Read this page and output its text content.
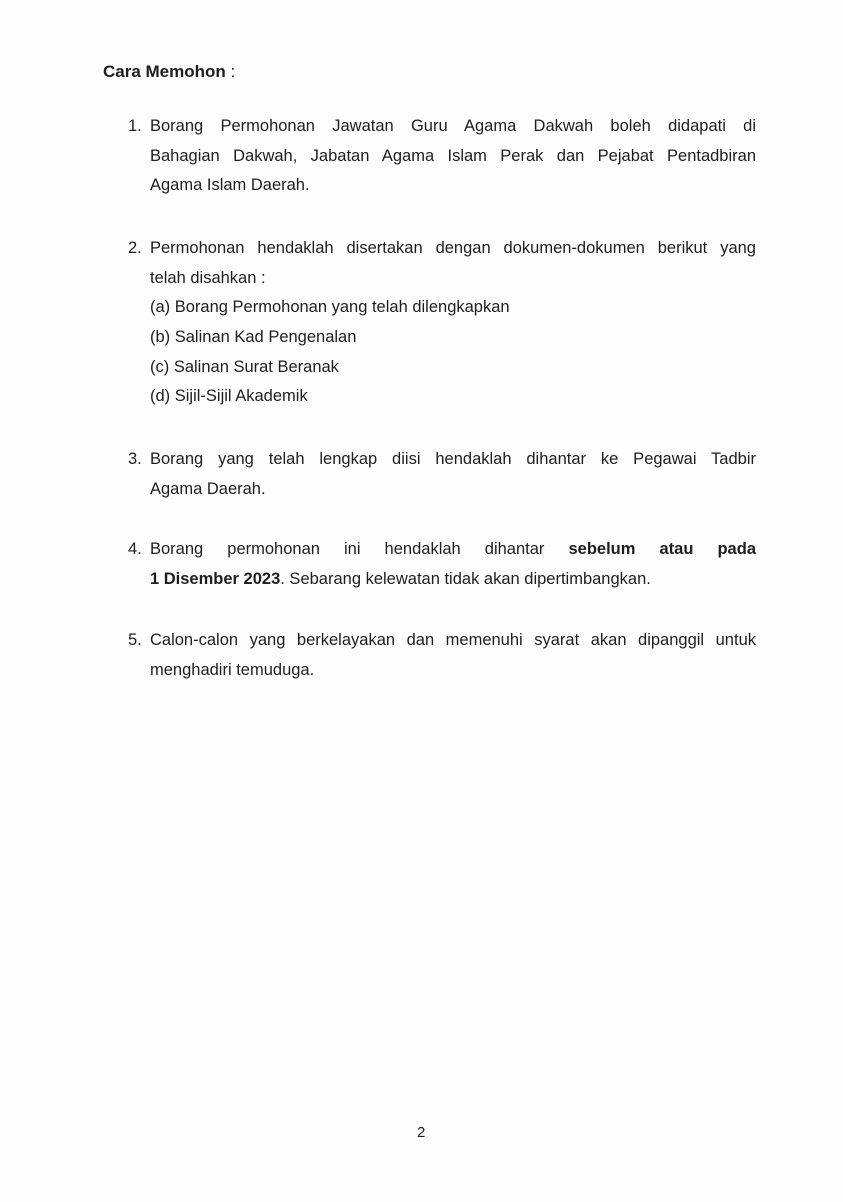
Cara Memohon :
1. Borang Permohonan Jawatan Guru Agama Dakwah boleh didapati di
Bahagian Dakwah, Jabatan Agama Islam Perak dan Pejabat Pentadbiran
Agama Islam Daerah.
2. Permohonan hendaklah disertakan dengan dokumen-dokumen berikut yang
telah disahkan :
(a) Borang Permohonan yang telah dilengkapkan
(b) Salinan Kad Pengenalan
(c) Salinan Surat Beranak
(d) Sijil-Sijil Akademik
3. Borang yang telah lengkap diisi hendaklah dihantar ke Pegawai Tadbir
Agama Daerah.
4. Borang permohonan ini hendaklah dihantar sebelum atau pada
1 Disember 2023. Sebarang kelewatan tidak akan dipertimbangkan.
5. Calon-calon yang berkelayakan dan memenuhi syarat akan dipanggil untuk
menghadiri temuduga.
2
